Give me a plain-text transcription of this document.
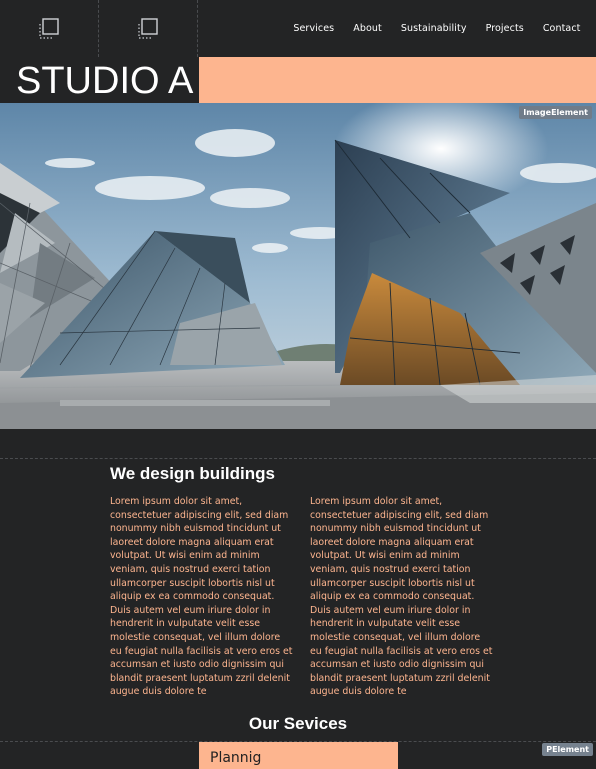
Services	About	Sustainability	Projects	Contact
STUDIO A
ImageElement
We design buildings

Lorem ipsum dolor sit amet, consectetuer adipiscing elit, sed diam nonummy nibh euismod tincidunt ut laoreet dolore magna aliquam erat volutpat. Ut wisi enim ad minim veniam, quis nostrud exerci tation ullamcorper suscipit lobortis nisl ut aliquip ex ea commodo consequat. Duis autem vel eum iriure dolor in hendrerit in vulputate velit esse molestie consequat, vel illum dolore eu feugiat nulla facilisis at vero eros et accumsan et iusto odio dignissim qui blandit praesent luptatum zzril delenit augue duis dolore te

Lorem ipsum dolor sit amet, consectetuer adipiscing elit, sed diam nonummy nibh euismod tincidunt ut laoreet dolore magna aliquam erat volutpat. Ut wisi enim ad minim veniam, quis nostrud exerci tation ullamcorper suscipit lobortis nisl ut aliquip ex ea commodo consequat. Duis autem vel eum iriure dolor in hendrerit in vulputate velit esse molestie consequat, vel illum dolore eu feugiat nulla facilisis at vero eros et accumsan et iusto odio dignissim qui blandit praesent luptatum zzril delenit augue duis dolore te

Our Sevices
Plannig
PElement
